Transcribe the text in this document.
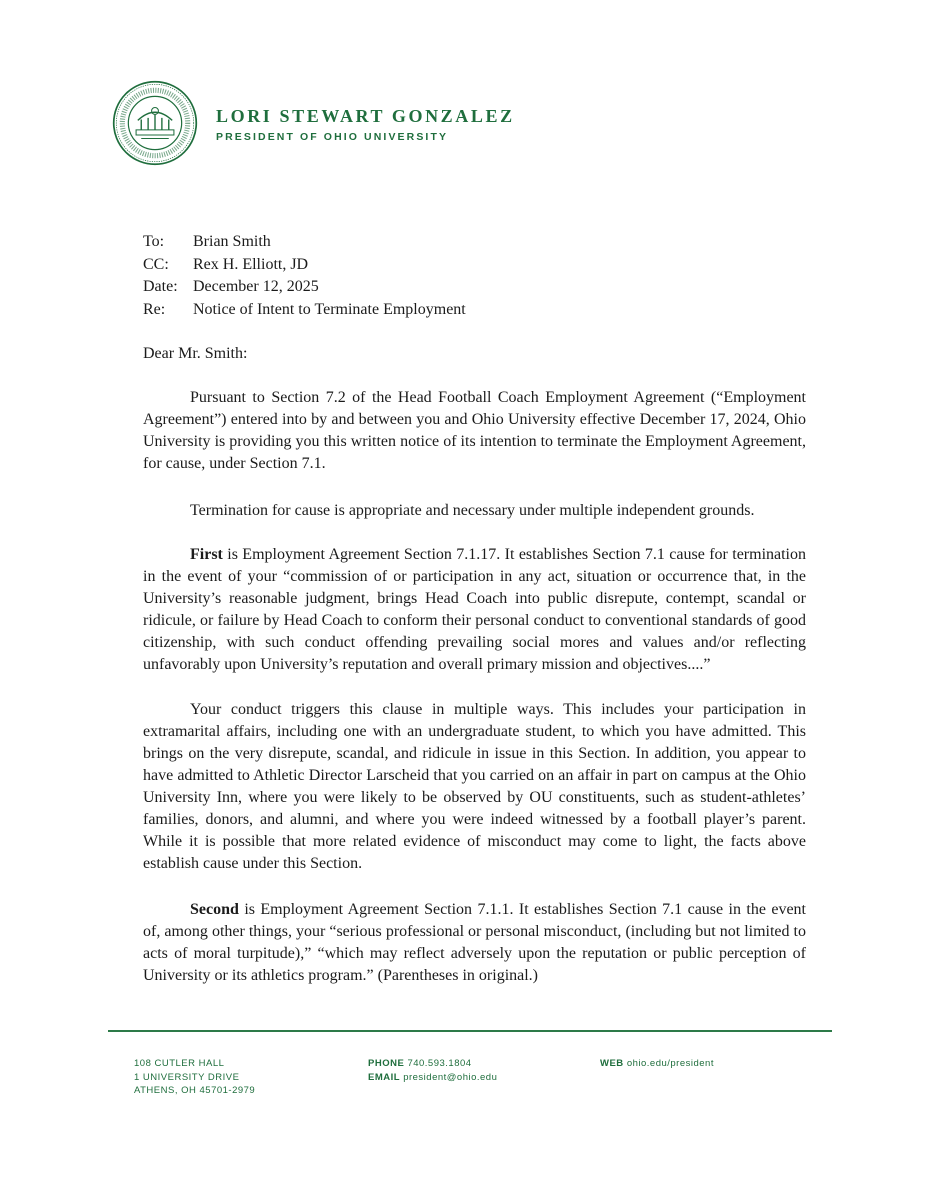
LORI STEWART GONZALEZ
PRESIDENT OF OHIO UNIVERSITY
To:	Brian Smith
CC:	Rex H. Elliott, JD
Date: December 12, 2025
Re:	Notice of Intent to Terminate Employment
Dear Mr. Smith:

Pursuant to Section 7.2 of the Head Football Coach Employment Agreement (“Employment Agreement”) entered into by and between you and Ohio University effective December 17, 2024, Ohio University is providing you this written notice of its intention to terminate the Employment Agreement, for cause, under Section 7.1.

Termination for cause is appropriate and necessary under multiple independent grounds.

First is Employment Agreement Section 7.1.17. It establishes Section 7.1 cause for termination in the event of your “commission of or participation in any act, situation or occurrence that, in the University’s reasonable judgment, brings Head Coach into public disrepute, contempt, scandal or ridicule, or failure by Head Coach to conform their personal conduct to conventional standards of good citizenship, with such conduct offending prevailing social mores and values and/or reflecting unfavorably upon University’s reputation and overall primary mission and objectives....”

Your conduct triggers this clause in multiple ways. This includes your participation in extramarital affairs, including one with an undergraduate student, to which you have admitted. This brings on the very disrepute, scandal, and ridicule in issue in this Section. In addition, you appear to have admitted to Athletic Director Larscheid that you carried on an affair in part on campus at the Ohio University Inn, where you were likely to be observed by OU constituents, such as student-athletes’ families, donors, and alumni, and where you were indeed witnessed by a football player’s parent. While it is possible that more related evidence of misconduct may come to light, the facts above establish cause under this Section.

Second is Employment Agreement Section 7.1.1. It establishes Section 7.1 cause in the event of, among other things, your “serious professional or personal misconduct, (including but not limited to acts of moral turpitude),” “which may reflect adversely upon the reputation or public perception of University or its athletics program.” (Parentheses in original.)

108 CUTLER HALL
1 UNIVERSITY DRIVE
ATHENS, OH 45701-2979
PHONE 740.593.1804
EMAIL president@ohio.edu
WEB ohio.edu/president
